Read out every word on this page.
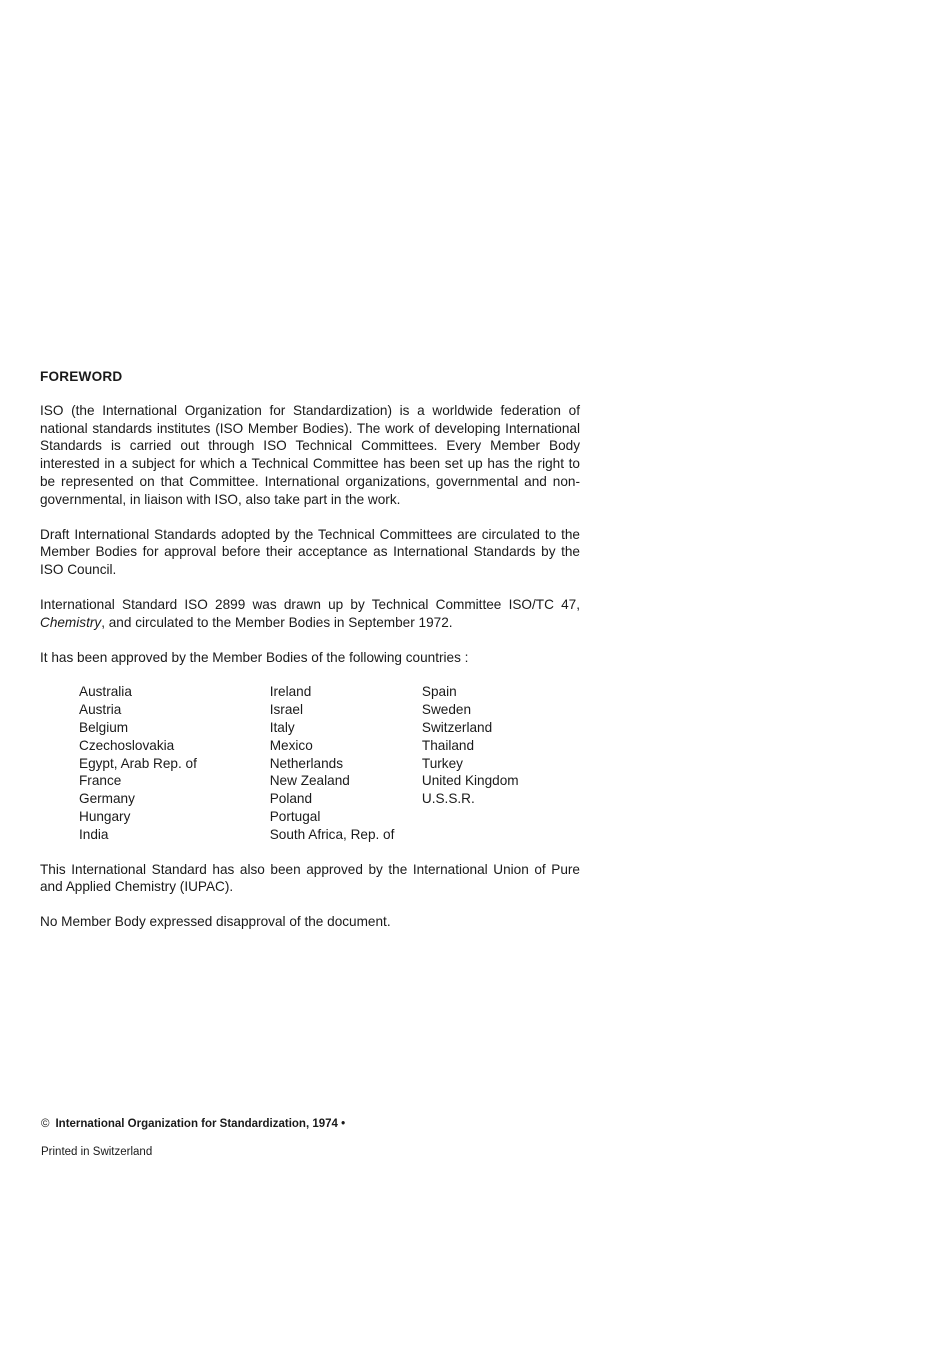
FOREWORD

ISO (the International Organization for Standardization) is a worldwide federation of national standards institutes (ISO Member Bodies). The work of developing International Standards is carried out through ISO Technical Committees. Every Member Body interested in a subject for which a Technical Committee has been set up has the right to be represented on that Committee. International organizations, governmental and non-governmental, in liaison with ISO, also take part in the work.

Draft International Standards adopted by the Technical Committees are circulated to the Member Bodies for approval before their acceptance as International Standards by the ISO Council.

International Standard ISO 2899 was drawn up by Technical Committee ISO/TC 47, Chemistry, and circulated to the Member Bodies in September 1972.

It has been approved by the Member Bodies of the following countries :

Australia
Austria
Belgium
Czechoslovakia
Egypt, Arab Rep. of
France
Germany
Hungary
India
Ireland
Israel
Italy
Mexico
Netherlands
New Zealand
Poland
Portugal
South Africa, Rep. of
Spain
Sweden
Switzerland
Thailand
Turkey
United Kingdom
U.S.S.R.

This International Standard has also been approved by the International Union of Pure and Applied Chemistry (IUPAC).

No Member Body expressed disapproval of the document.

© International Organization for Standardization, 1974 •
Printed in Switzerland
